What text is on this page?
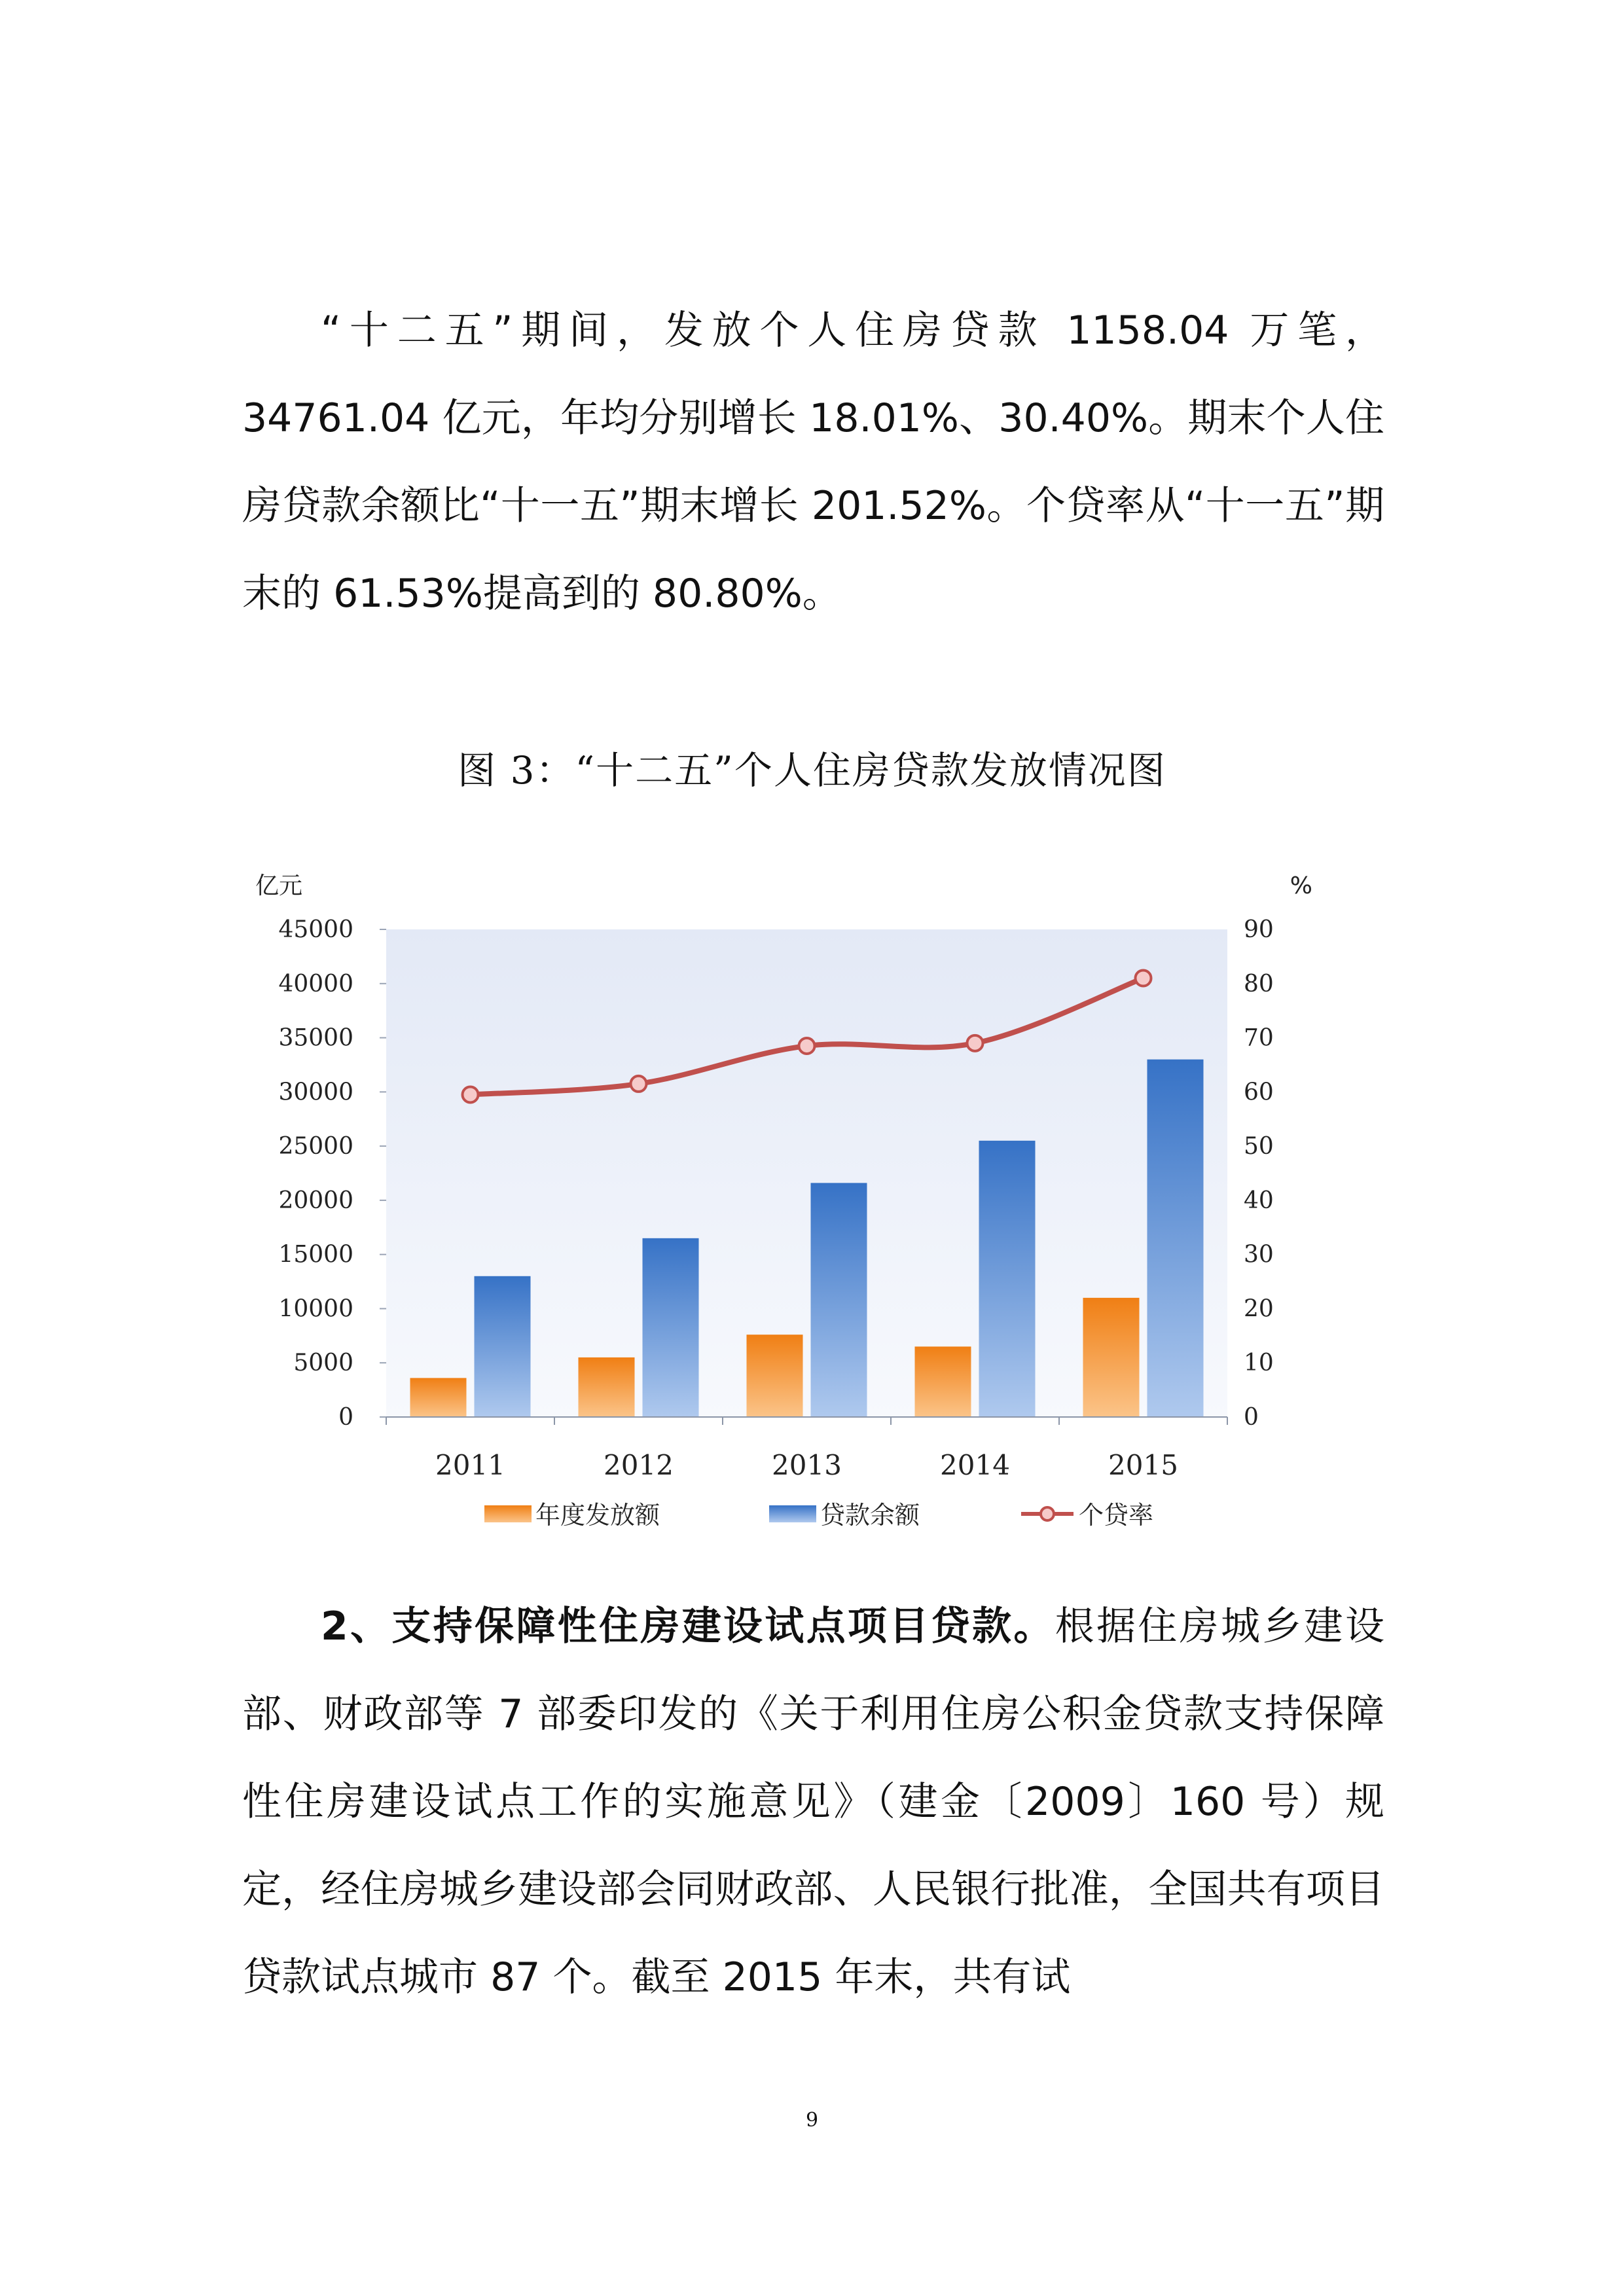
“十二五”期间，发放个人住房贷款 1158.04 万笔，34761.04 亿元，年均分别增长 18.01%、30.40%。期末个人住房贷款余额比“十一五”期末增长 201.52%。个贷率从“十一五”期末的 61.53%提高到的 80.80%。

图 3：“十二五”个人住房贷款发放情况图
0
5000
10000
15000
20000
25000
30000
35000
40000
45000
0
10
20
30
40
50
60
70
80
90
2011	2012	2013	2014	2015
亿元	%
年度发放额	贷款余额	个贷率

2、支持保障性住房建设试点项目贷款。根据住房城乡建设部、财政部等 7 部委印发的《关于利用住房公积金贷款支持保障性住房建设试点工作的实施意见》（建金〔2009〕160 号）规定，经住房城乡建设部会同财政部、人民银行批准，全国共有项目贷款试点城市 87 个。截至 2015 年末，共有试

9
